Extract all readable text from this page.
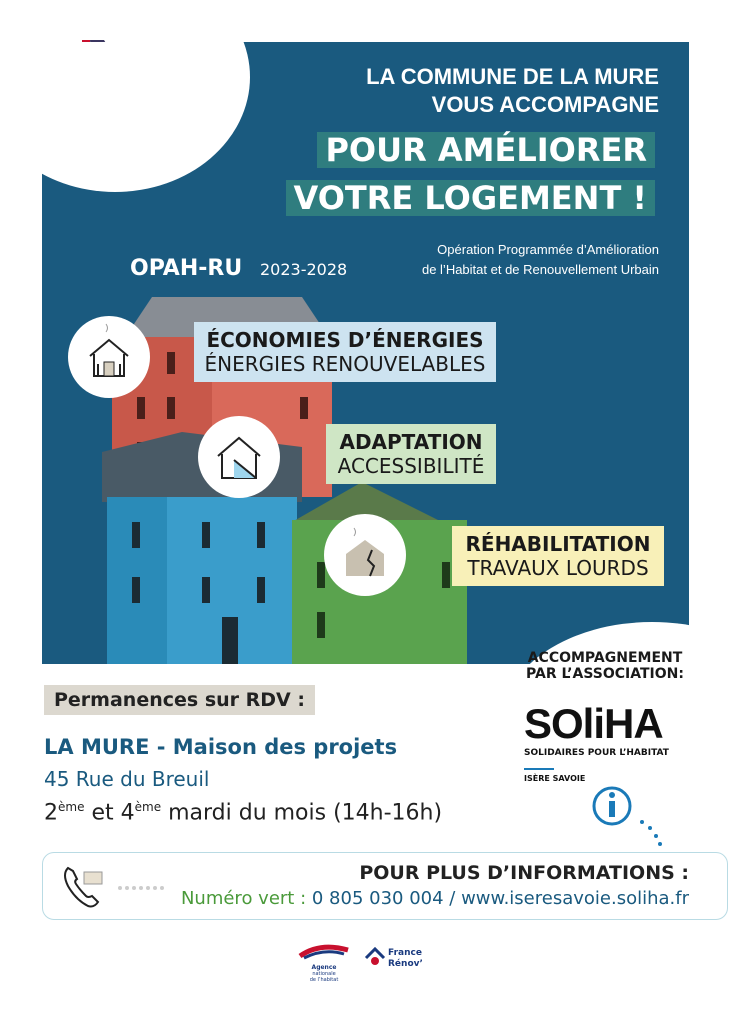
LA COMMUNE DE LA MURE
VOUS ACCOMPAGNE
POUR AMÉLIORER
VOTRE LOGEMENT !
OPAH-RU 2023-2028
Opération Programmée d’Amélioration
de l’Habitat et de Renouvellement Urbain
ÉCONOMIES D’ÉNERGIES
ÉNERGIES RENOUVELABLES
ADAPTATION
ACCESSIBILITÉ
RÉHABILITATION
TRAVAUX LOURDS
ACCOMPAGNEMENT
PAR L’ASSOCIATION:
SOliHA
SOLIDAIRES POUR L’HABITAT
ISÈRE SAVOIE
Permanences sur RDV :
LA MURE - Maison des projets
45 Rue du Breuil
2ème et 4ème mardi du mois (14h-16h)
POUR PLUS D’INFORMATIONS :
Numéro vert : 0 805 030 004 / www.iseresavoie.soliha.fr
Agence
nationale
de l’habitat
France
Rénov’
